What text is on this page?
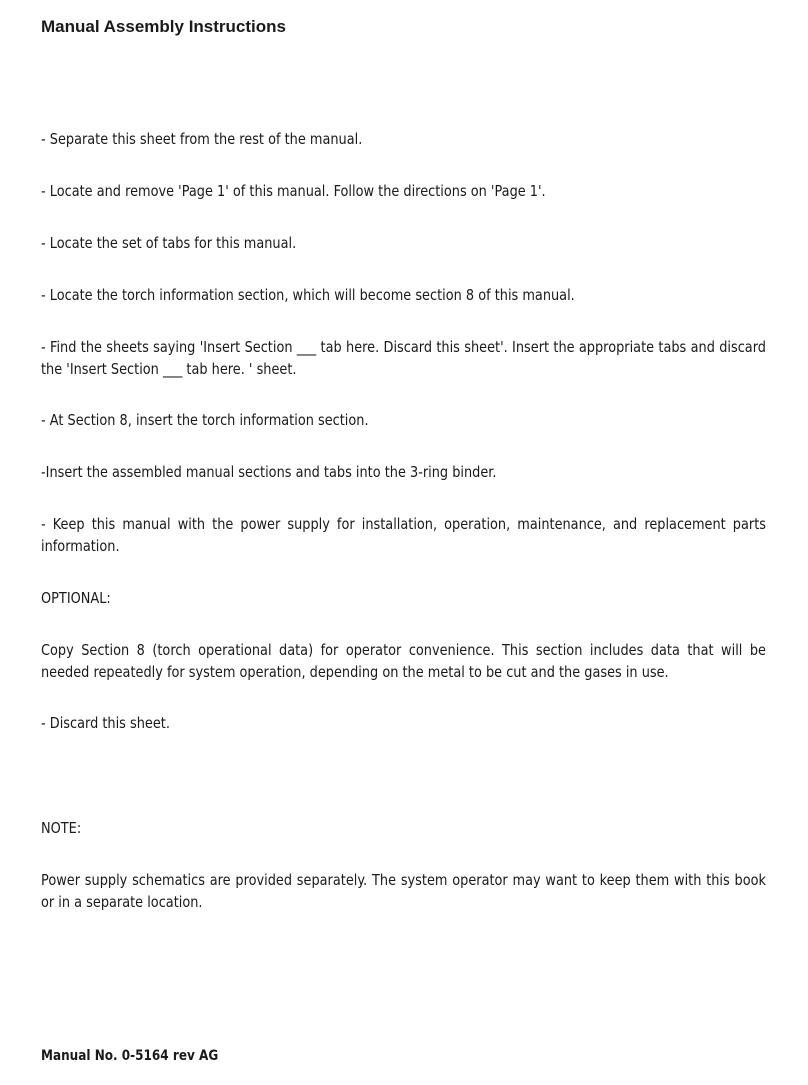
Manual Assembly Instructions

- Separate this sheet from the rest of the manual.

- Locate and remove 'Page 1' of this manual. Follow the directions on 'Page 1'.

- Locate the set of tabs for this manual.

- Locate the torch information section, which will become section 8 of this manual.

- Find the sheets saying 'Insert Section ___ tab here. Discard this sheet'. Insert the appropriate tabs and discard the 'Insert Section ___ tab here. ' sheet.

- At Section 8, insert the torch information section.

-Insert the assembled manual sections and tabs into the 3-ring binder.

- Keep this manual with the power supply for installation, operation, maintenance, and replacement parts information.

OPTIONAL:

Copy Section 8 (torch operational data) for operator convenience. This section includes data that will be needed repeatedly for system operation, depending on the metal to be cut and the gases in use.

- Discard this sheet.

NOTE:

Power supply schematics are provided separately. The system operator may want to keep them with this book or in a separate location.

Manual No. 0-5164 rev AG
